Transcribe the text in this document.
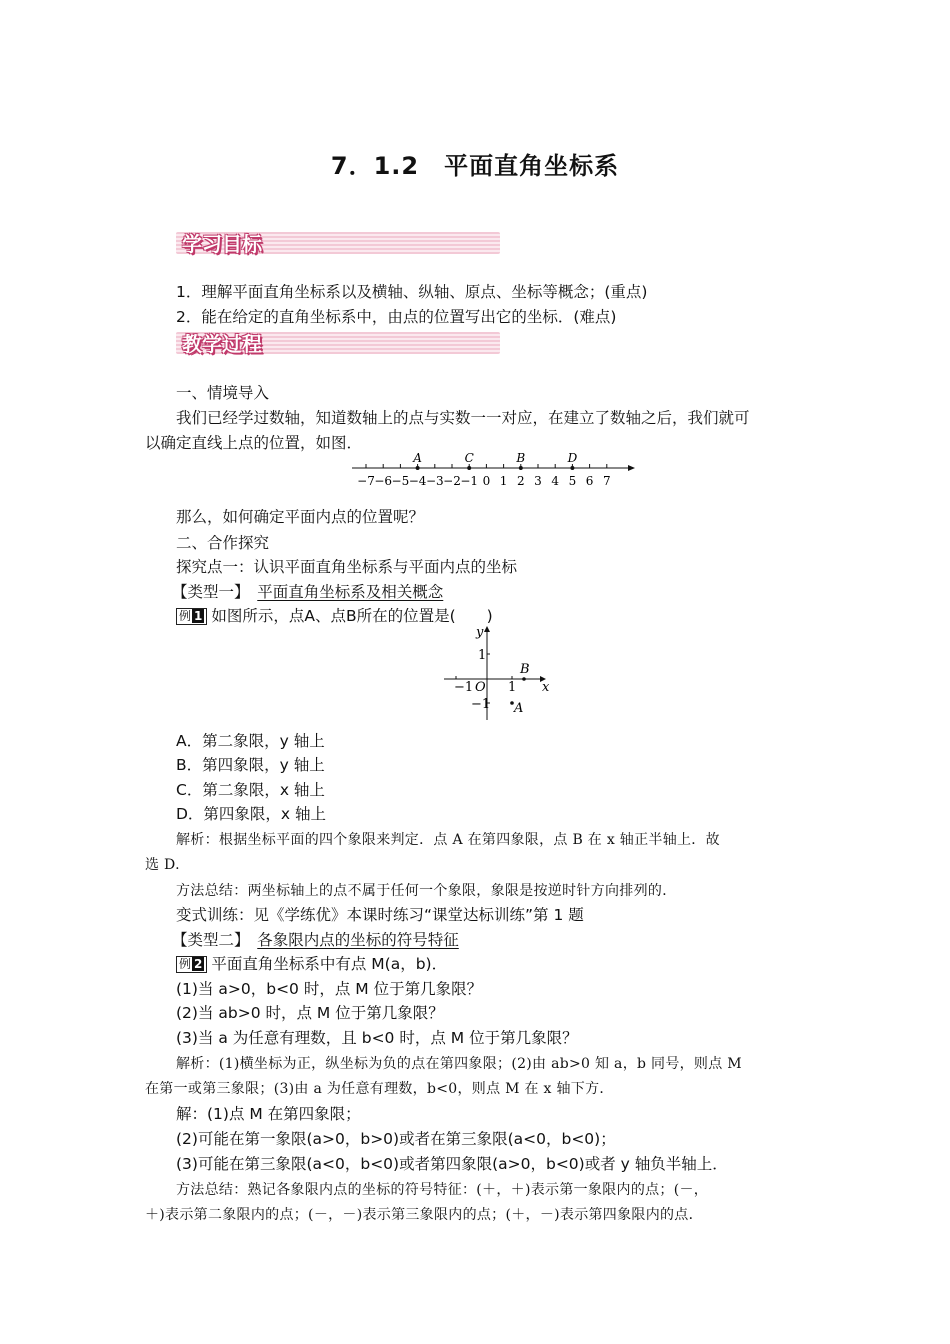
7．1.2　平面直角坐标系
学习目标
1．理解平面直角坐标系以及横轴、纵轴、原点、坐标等概念；(重点)
2．能在给定的直角坐标系中，由点的位置写出它的坐标．(难点)
教学过程
一、情境导入
我们已经学过数轴，知道数轴上的点与实数一一对应，在建立了数轴之后，我们就可
以确定直线上点的位置，如图．
−7 −6 −5 −4 −3 −2 −1 0 1 2 3 4 5 6 7
A	C	B	D
那么，如何确定平面内点的位置呢？
二、合作探究
探究点一：认识平面直角坐标系与平面内点的坐标
【类型一】　平面直角坐标系及相关概念
例 1 如图所示，点A、点B所在的位置是(　　)
x
y
O
−1	1
1
−1
B
A
A．第二象限，y 轴上
B．第四象限，y 轴上
C．第二象限，x 轴上
D．第四象限，x 轴上
解析：根据坐标平面的四个象限来判定．点 A 在第四象限，点 B 在 x 轴正半轴上．故
选 D.
方法总结：两坐标轴上的点不属于任何一个象限，象限是按逆时针方向排列的．
变式训练：见《学练优》本课时练习“课堂达标训练”第 1 题
【类型二】　各象限内点的坐标的符号特征
例 2 平面直角坐标系中有点 M(a，b)．
(1)当 a>0，b<0 时，点 M 位于第几象限？
(2)当 ab>0 时，点 M 位于第几象限？
(3)当 a 为任意有理数，且 b<0 时，点 M 位于第几象限？
解析：(1)横坐标为正，纵坐标为负的点在第四象限；(2)由 ab>0 知 a，b 同号，则点 M
在第一或第三象限；(3)由 a 为任意有理数，b<0，则点 M 在 x 轴下方．
解：(1)点 M 在第四象限；
(2)可能在第一象限(a>0，b>0)或者在第三象限(a<0，b<0)；
(3)可能在第三象限(a<0，b<0)或者第四象限(a>0，b<0)或者 y 轴负半轴上．
方法总结：熟记各象限内点的坐标的符号特征：(＋，＋)表示第一象限内的点；(－，
＋)表示第二象限内的点；(－，－)表示第三象限内的点；(＋，－)表示第四象限内的点．
